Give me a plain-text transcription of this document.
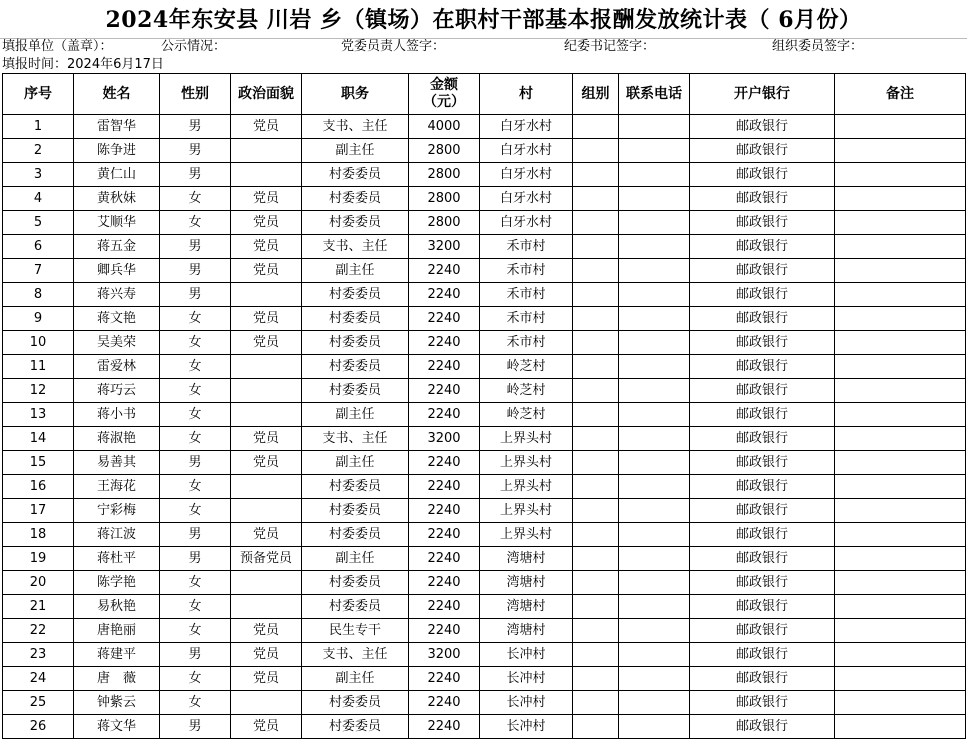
2024年东安县 川岩 乡（镇场）在职村干部基本报酬发放统计表（ 6月份）
填报单位（盖章）：	公示情况：	党委员责人签字：	纪委书记签字：	组织委员签字：
填报时间：2024年6月17日
序号	姓名	性别	政治面貌	职务	金额（元）	村	组别	联系电话	开户银行	备注
1	雷智华	男	党员	支书、主任	4000	白牙水村			邮政银行	
2	陈争进	男		副主任	2800	白牙水村			邮政银行	
3	黄仁山	男		村委委员	2800	白牙水村			邮政银行	
4	黄秋妹	女	党员	村委委员	2800	白牙水村			邮政银行	
5	艾顺华	女	党员	村委委员	2800	白牙水村			邮政银行	
6	蒋五金	男	党员	支书、主任	3200	禾市村			邮政银行	
7	卿兵华	男	党员	副主任	2240	禾市村			邮政银行	
8	蒋兴寿	男		村委委员	2240	禾市村			邮政银行	
9	蒋文艳	女	党员	村委委员	2240	禾市村			邮政银行	
10	吴美荣	女	党员	村委委员	2240	禾市村			邮政银行	
11	雷爱林	女		村委委员	2240	岭芝村			邮政银行	
12	蒋巧云	女		村委委员	2240	岭芝村			邮政银行	
13	蒋小书	女		副主任	2240	岭芝村			邮政银行	
14	蒋淑艳	女	党员	支书、主任	3200	上界头村			邮政银行	
15	易善其	男	党员	副主任	2240	上界头村			邮政银行	
16	王海花	女		村委委员	2240	上界头村			邮政银行	
17	宁彩梅	女		村委委员	2240	上界头村			邮政银行	
18	蒋江波	男	党员	村委委员	2240	上界头村			邮政银行	
19	蒋杜平	男	预备党员	副主任	2240	湾塘村			邮政银行	
20	陈学艳	女		村委委员	2240	湾塘村			邮政银行	
21	易秋艳	女		村委委员	2240	湾塘村			邮政银行	
22	唐艳丽	女	党员	民生专干	2240	湾塘村			邮政银行	
23	蒋建平	男	党员	支书、主任	3200	长冲村			邮政银行	
24	唐　薇	女	党员	副主任	2240	长冲村			邮政银行	
25	钟紫云	女		村委委员	2240	长冲村			邮政银行	
26	蒋文华	男	党员	村委委员	2240	长冲村			邮政银行	
